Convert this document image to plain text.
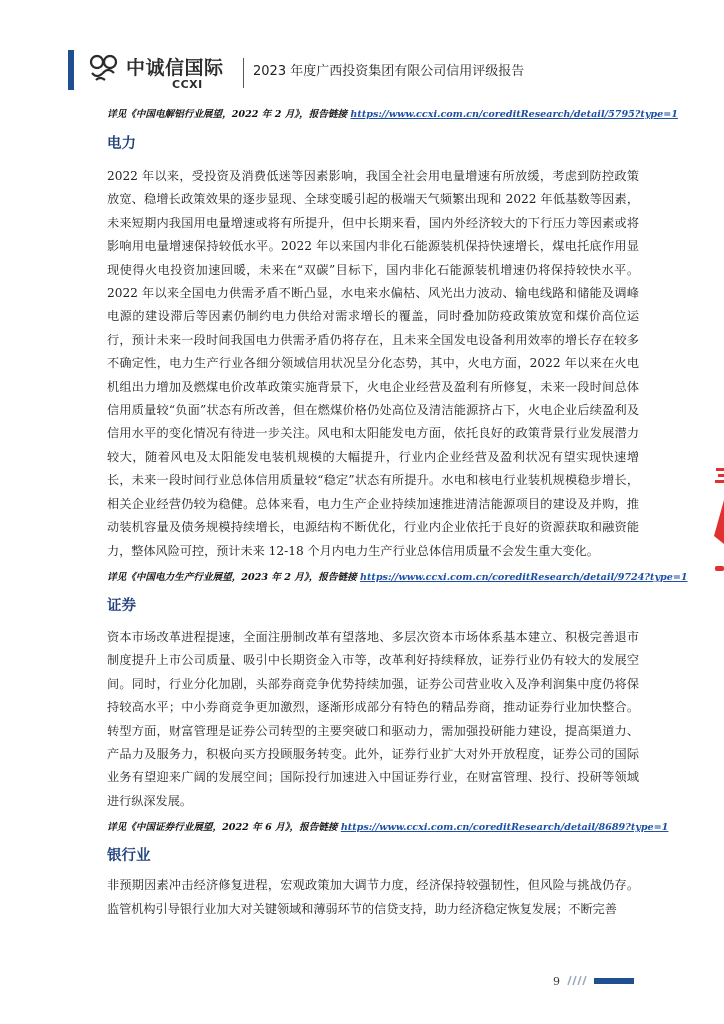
中诚信国际
CCXI
2023 年度广西投资集团有限公司信用评级报告

详见《中国电解铝行业展望，2022 年 2 月》，报告链接 https://www.ccxi.com.cn/coreditResearch/detail/5795?type=1

电力

2022 年以来，受投资及消费低迷等因素影响，我国全社会用电量增速有所放缓，考虑到防控政策放宽、稳增长政策效果的逐步显现、全球变暖引起的极端天气频繁出现和 2022 年低基数等因素，未来短期内我国用电量增速或将有所提升，但中长期来看，国内外经济较大的下行压力等因素或将影响用电量增速保持较低水平。2022 年以来国内非化石能源装机保持快速增长，煤电托底作用显现使得火电投资加速回暖，未来在“双碳”目标下，国内非化石能源装机增速仍将保持较快水平。2022 年以来全国电力供需矛盾不断凸显，水电来水偏枯、风光出力波动、输电线路和储能及调峰电源的建设滞后等因素仍制约电力供给对需求增长的覆盖，同时叠加防疫政策放宽和煤价高位运行，预计未来一段时间我国电力供需矛盾仍将存在，且未来全国发电设备利用效率的增长存在较多不确定性，电力生产行业各细分领域信用状况呈分化态势，其中，火电方面，2022 年以来在火电机组出力增加及燃煤电价改革政策实施背景下，火电企业经营及盈利有所修复，未来一段时间总体信用质量较“负面”状态有所改善，但在燃煤价格仍处高位及清洁能源挤占下，火电企业后续盈利及信用水平的变化情况有待进一步关注。风电和太阳能发电方面，依托良好的政策背景行业发展潜力较大，随着风电及太阳能发电装机规模的大幅提升，行业内企业经营及盈利状况有望实现快速增长，未来一段时间行业总体信用质量较“稳定”状态有所提升。水电和核电行业装机规模稳步增长，相关企业经营仍较为稳健。总体来看，电力生产企业持续加速推进清洁能源项目的建设及并购，推动装机容量及债务规模持续增长，电源结构不断优化，行业内企业依托于良好的资源获取和融资能力，整体风险可控，预计未来 12-18 个月内电力生产行业总体信用质量不会发生重大变化。

详见《中国电力生产行业展望，2023 年 2 月》，报告链接 https://www.ccxi.com.cn/coreditResearch/detail/9724?type=1

证券

资本市场改革进程提速，全面注册制改革有望落地、多层次资本市场体系基本建立、积极完善退市制度提升上市公司质量、吸引中长期资金入市等，改革利好持续释放，证券行业仍有较大的发展空间。同时，行业分化加剧，头部券商竞争优势持续加强，证券公司营业收入及净利润集中度仍将保持较高水平；中小券商竞争更加激烈，逐渐形成部分有特色的精品券商，推动证券行业加快整合。转型方面，财富管理是证券公司转型的主要突破口和驱动力，需加强投研能力建设，提高渠道力、产品力及服务力，积极向买方投顾服务转变。此外，证券行业扩大对外开放程度，证券公司的国际业务有望迎来广阔的发展空间；国际投行加速进入中国证券行业，在财富管理、投行、投研等领域进行纵深发展。

详见《中国证券行业展望，2022 年 6 月》，报告链接 https://www.ccxi.com.cn/coreditResearch/detail/8689?type=1

银行业

非预期因素冲击经济修复进程，宏观政策加大调节力度，经济保持较强韧性，但风险与挑战仍存。监管机构引导银行业加大对关键领域和薄弱环节的信贷支持，助力经济稳定恢复发展；不断完善

9
